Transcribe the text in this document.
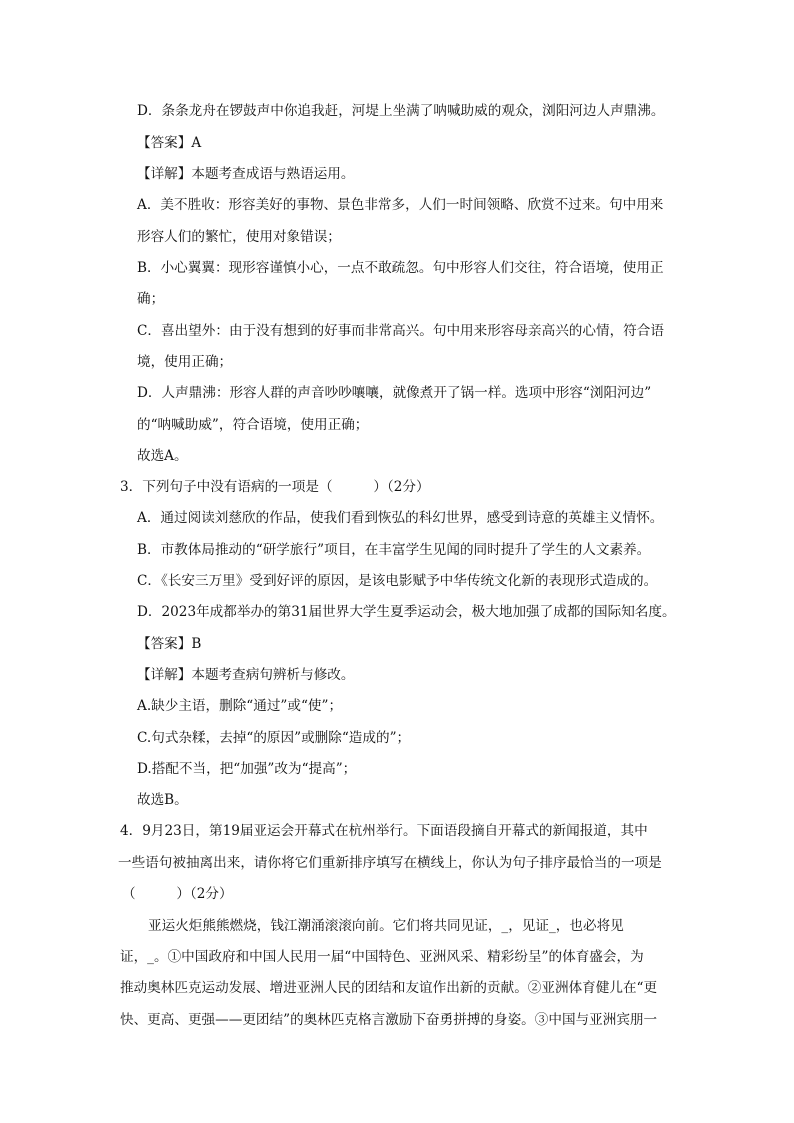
D．条条龙舟在锣鼓声中你追我赶，河堤上坐满了呐喊助威的观众，浏阳河边人声鼎沸。
【答案】A
【详解】本题考查成语与熟语运用。
A．美不胜收：形容美好的事物、景色非常多，人们一时间领略、欣赏不过来。句中用来
形容人们的繁忙，使用对象错误；
B．小心翼翼：现形容谨慎小心，一点不敢疏忽。句中形容人们交往，符合语境，使用正
确；
C．喜出望外：由于没有想到的好事而非常高兴。句中用来形容母亲高兴的心情，符合语
境，使用正确；
D．人声鼎沸：形容人群的声音吵吵嚷嚷，就像煮开了锅一样。选项中形容“浏阳河边”
的“呐喊助威”，符合语境，使用正确；
故选A。
3．下列句子中没有语病的一项是（　　　）（2分）
A．通过阅读刘慈欣的作品，使我们看到恢弘的科幻世界，感受到诗意的英雄主义情怀。
B．市教体局推动的“研学旅行”项目，在丰富学生见闻的同时提升了学生的人文素养。
C．《长安三万里》受到好评的原因，是该电影赋予中华传统文化新的表现形式造成的。
D．2023年成都举办的第31届世界大学生夏季运动会，极大地加强了成都的国际知名度。
【答案】B
【详解】本题考查病句辨析与修改。
A.缺少主语，删除“通过”或“使”；
C.句式杂糅，去掉“的原因”或删除“造成的”；
D.搭配不当，把“加强”改为“提高”；
故选B。
4．9月23日，第19届亚运会开幕式在杭州举行。下面语段摘自开幕式的新闻报道，其中
一些语句被抽离出来，请你将它们重新排序填写在横线上，你认为句子排序最恰当的一项是
（　　　）（2分）
亚运火炬熊熊燃烧，钱江潮涌滚滚向前。它们将共同见证，_，见证_，也必将见
证，_。①中国政府和中国人民用一届“中国特色、亚洲风采、精彩纷呈”的体育盛会，为
推动奥林匹克运动发展、增进亚洲人民的团结和友谊作出新的贡献。②亚洲体育健儿在“更
快、更高、更强——更团结”的奥林匹克格言激励下奋勇拼搏的身姿。③中国与亚洲宾朋一
